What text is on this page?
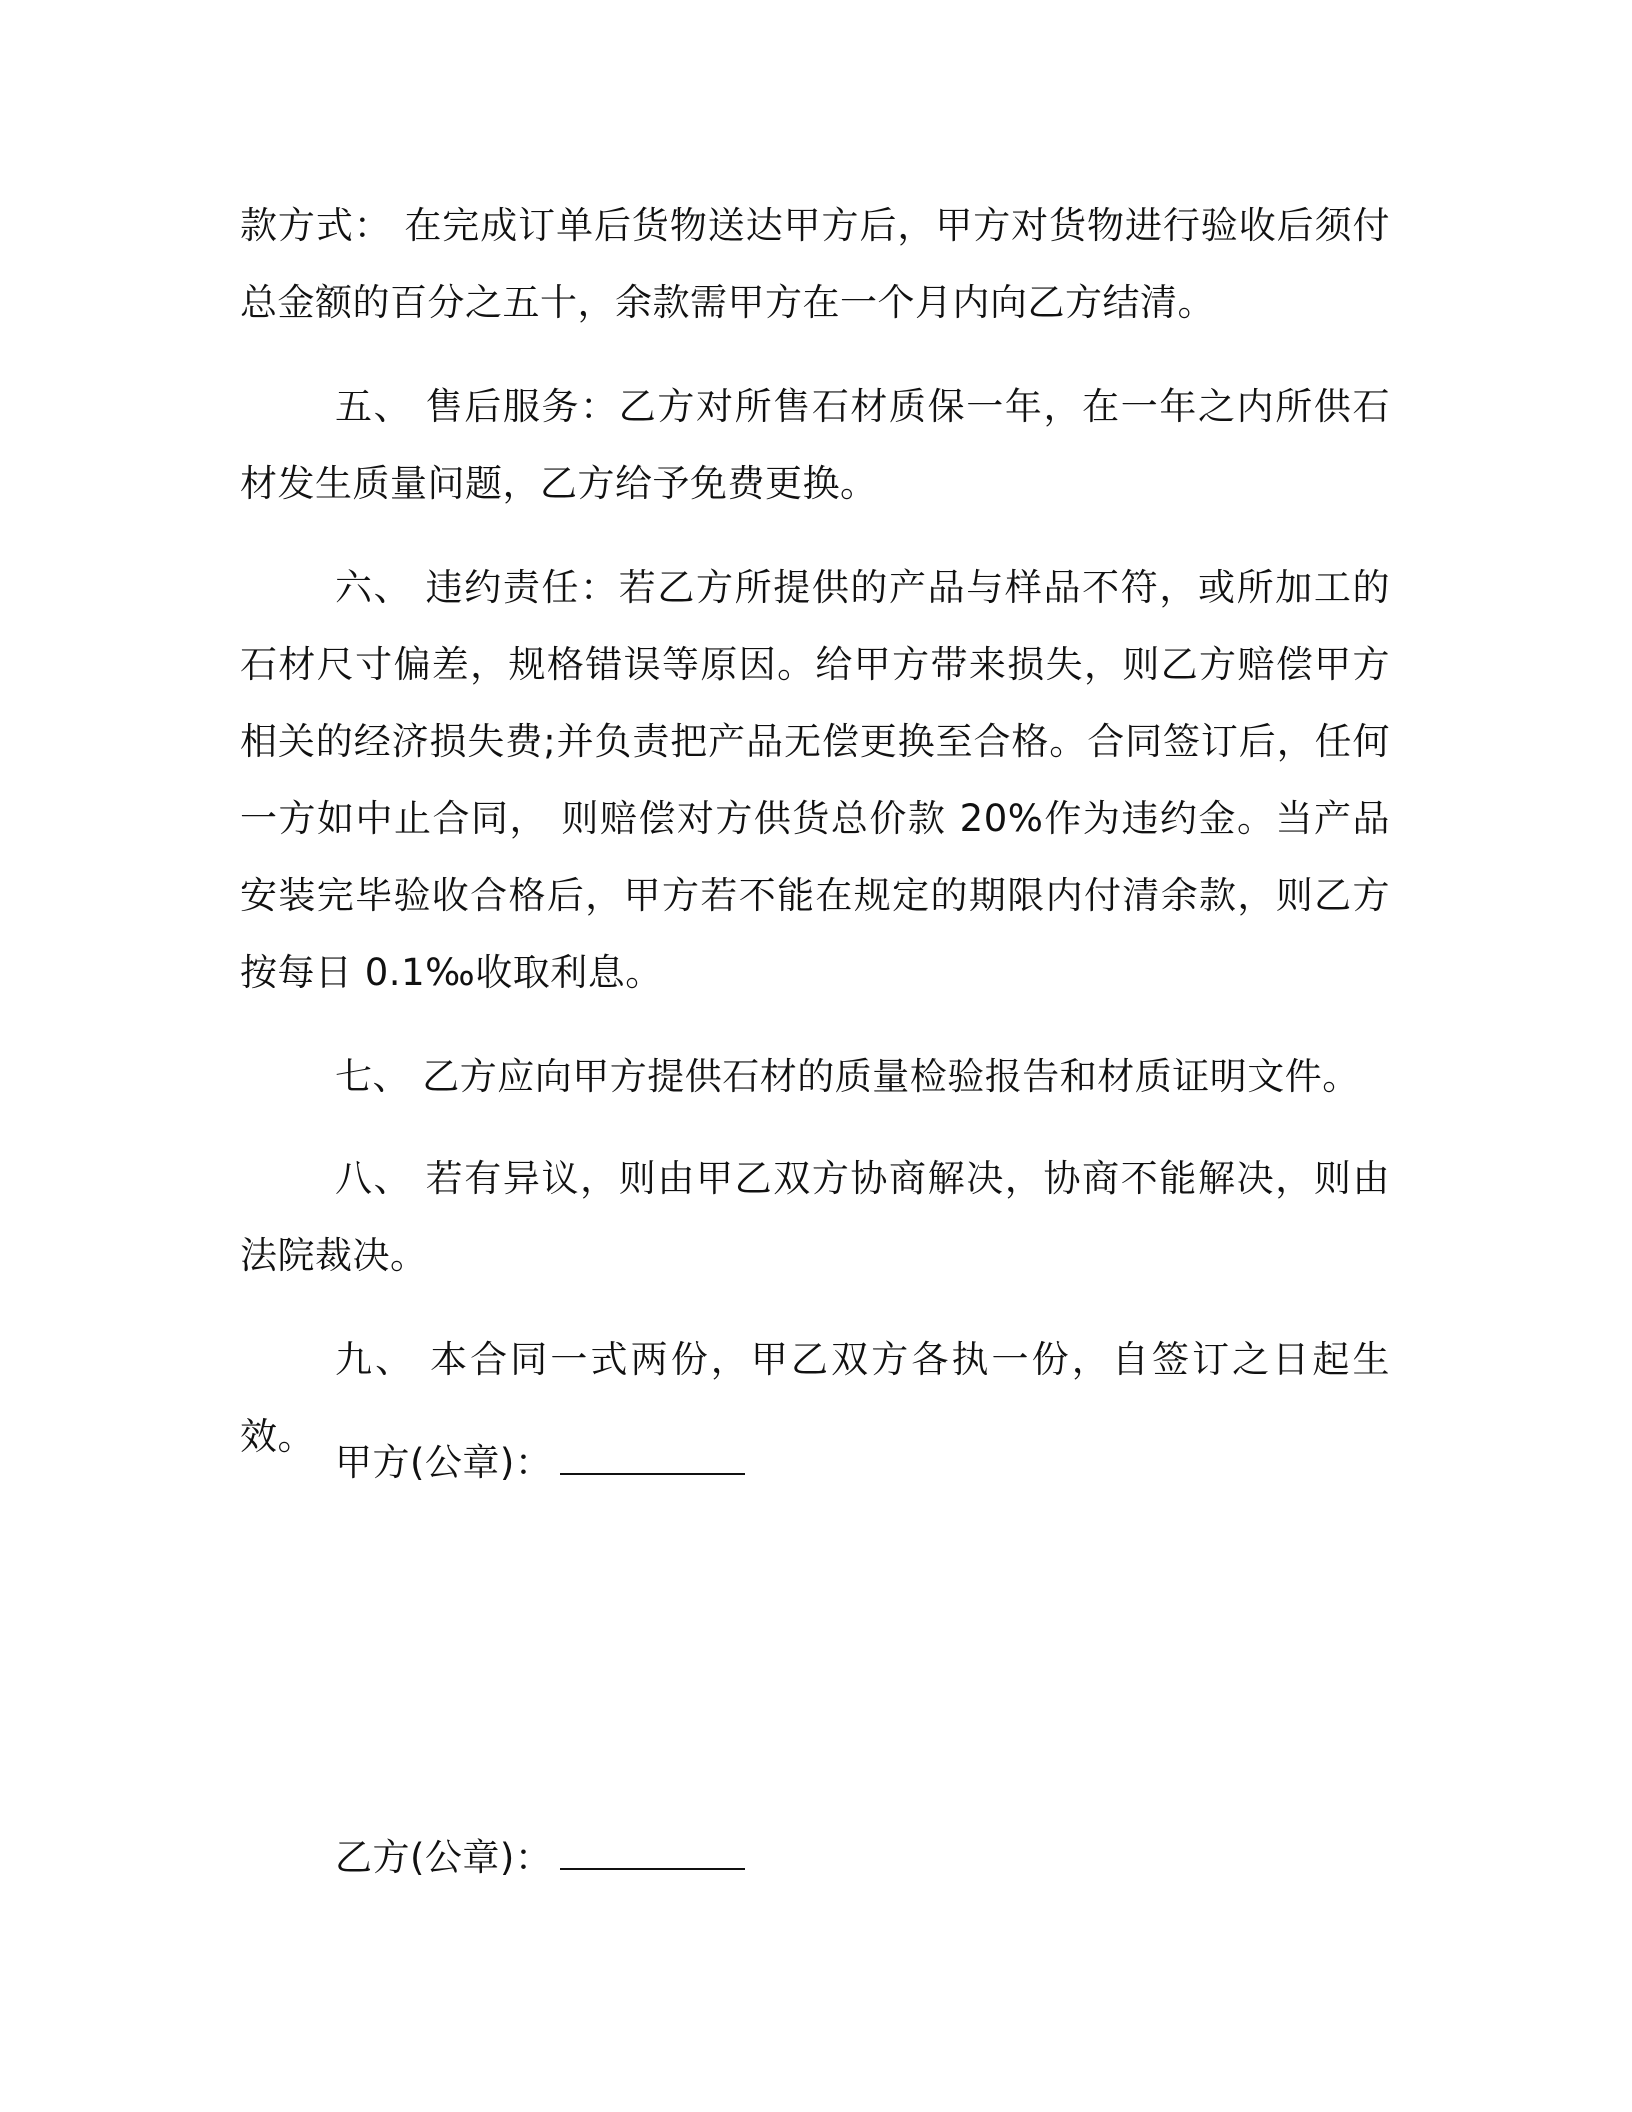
款方式： 在完成订单后货物送达甲方后，甲方对货物进行验收后须付总金额的百分之五十，余款需甲方在一个月内向乙方结清。

五、 售后服务：乙方对所售石材质保一年，在一年之内所供石材发生质量问题，乙方给予免费更换。

六、 违约责任：若乙方所提供的产品与样品不符，或所加工的石材尺寸偏差，规格错误等原因。给甲方带来损失，则乙方赔偿甲方相关的经济损失费;并负责把产品无偿更换至合格。合同签订后，任何一方如中止合同， 则赔偿对方供货总价款 20%作为违约金。当产品安装完毕验收合格后，甲方若不能在规定的期限内付清余款，则乙方按每日 0.1‰收取利息。

七、 乙方应向甲方提供石材的质量检验报告和材质证明文件。

八、 若有异议，则由甲乙双方协商解决，协商不能解决，则由法院裁决。

九、 本合同一式两份，甲乙双方各执一份，自签订之日起生效。

甲方(公章)：
乙方(公章)：
